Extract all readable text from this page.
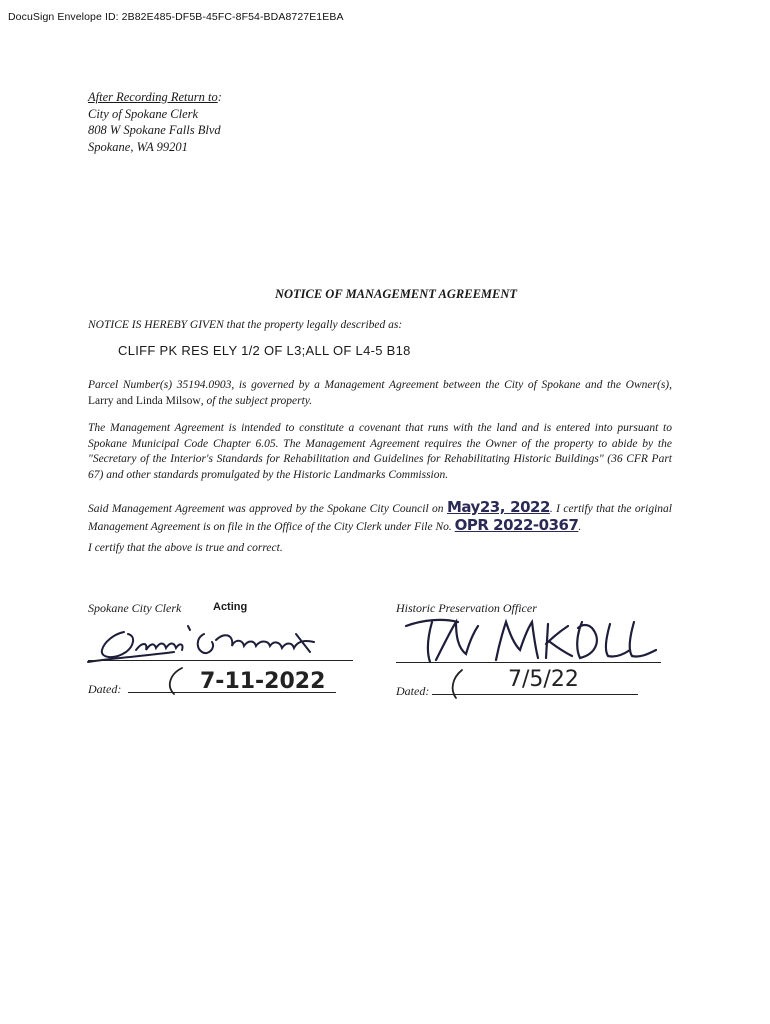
DocuSign Envelope ID: 2B82E485-DF5B-45FC-8F54-BDA8727E1EBA
After Recording Return to:
City of Spokane Clerk
808 W Spokane Falls Blvd
Spokane, WA 99201
NOTICE OF MANAGEMENT AGREEMENT
NOTICE IS HEREBY GIVEN that the property legally described as:
CLIFF PK RES ELY 1/2 OF L3;ALL OF L4-5 B18
Parcel Number(s) 35194.0903, is governed by a Management Agreement between the City of Spokane and the Owner(s), Larry and Linda Milsow, of the subject property.
The Management Agreement is intended to constitute a covenant that runs with the land and is entered into pursuant to Spokane Municipal Code Chapter 6.05. The Management Agreement requires the Owner of the property to abide by the "Secretary of the Interior's Standards for Rehabilitation and Guidelines for Rehabilitating Historic Buildings" (36 CFR Part 67) and other standards promulgated by the Historic Landmarks Commission.
Said Management Agreement was approved by the Spokane City Council on May23, 2022. I certify that the original Management Agreement is on file in the Office of the City Clerk under File No. OPR 2022-0367.
I certify that the above is true and correct.
Spokane City Clerk	Acting
Dated:	7-11-2022
Historic Preservation Officer
Dated:	7/5/22
